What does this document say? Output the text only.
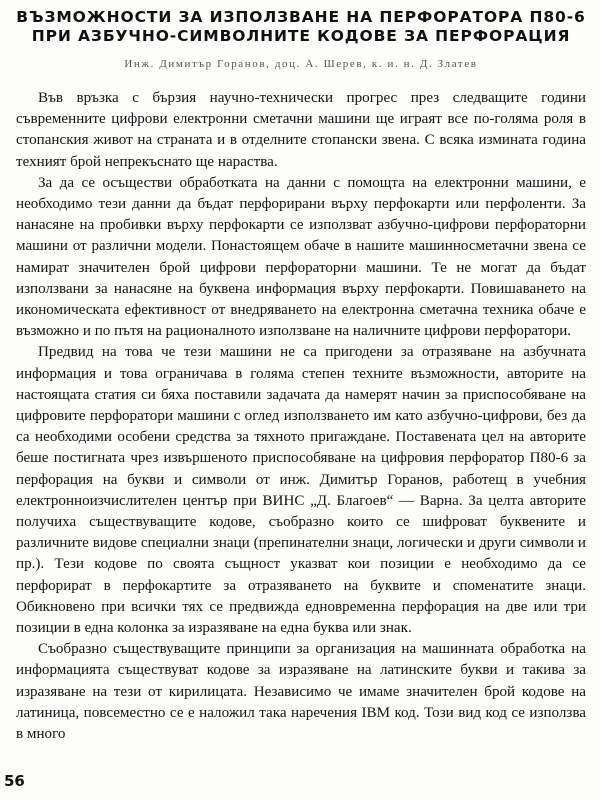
ВЪЗМОЖНОСТИ ЗА ИЗПОЛЗВАНЕ НА ПЕРФОРАТОРА П80-6
ПРИ АЗБУЧНО-СИМВОЛНИТЕ КОДОВЕ ЗА ПЕРФОРАЦИЯ
Инж. Димитър Горанов, доц. А. Шерев, к. и. н. Д. Златев

Във връзка с бързия научно-технически прогрес през следващите години съвременните цифрови електронни сметачни машини ще играят все по-голяма роля в стопанския живот на страната и в отделните стопански звена. С всяка измината година техният брой непрекъснато ще нараства.

За да се осъществи обработката на данни с помощта на електронни машини, е необходимо тези данни да бъдат перфорирани върху перфокарти или перфоленти. За нанасяне на пробивки върху перфокарти се използват азбучно-цифрови перфораторни машини от различни модели. Понастоящем обаче в нашите машинносметачни звена се намират значителен брой цифрови перфораторни машини. Те не могат да бъдат използвани за нанасяне на буквена информация върху перфокарти. Повишаването на икономическата ефективност от внедряването на електронна сметачна техника обаче е възможно и по пътя на рационалното използване на наличните цифрови перфоратори.

Предвид на това че тези машини не са пригодени за отразяване на азбучната информация и това ограничава в голяма степен техните възможности, авторите на настоящата статия си бяха поставили задачата да намерят начин за приспособяване на цифровите перфоратори машини с оглед използването им като азбучно-цифрови, без да са необходими особени средства за тяхното пригаждане. Поставената цел на авторите беше постигната чрез извършеното приспособяване на цифровия перфоратор П80-6 за перфорация на букви и символи от инж. Димитър Горанов, работещ в учебния електронноизчислителен център при ВИНС „Д. Благоев“ — Варна. За целта авторите получиха съществуващите кодове, съобразно които се шифроват буквените и различните видове специални знаци (препинателни знаци, логически и други символи и пр.). Тези кодове по своята същност указват кои позиции е необходимо да се перфорират в перфокартите за отразяването на буквите и споменатите знаци. Обикновено при всички тях се предвижда едновременна перфорация на две или три позиции в една колонка за изразяване на една буква или знак.

Съобразно съществуващите принципи за организация на машинната обработка на информацията съществуват кодове за изразяване на латинските букви и такива за изразяване на тези от кирилицата. Независимо че имаме значителен брой кодове на латиница, повсеместно се е наложил така наречения IBM код. Този вид код се използва в много

56
